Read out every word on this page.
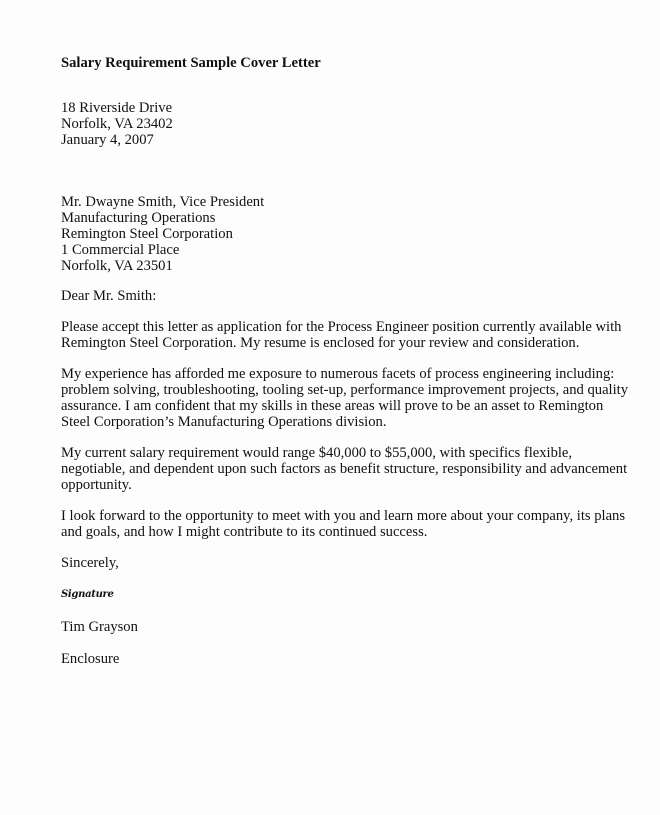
Salary Requirement Sample Cover Letter
18 Riverside Drive
Norfolk, VA 23402
January 4, 2007
Mr. Dwayne Smith, Vice President
Manufacturing Operations
Remington Steel Corporation
1 Commercial Place
Norfolk, VA 23501
Dear Mr. Smith:
Please accept this letter as application for the Process Engineer position currently available with
Remington Steel Corporation. My resume is enclosed for your review and consideration.
My experience has afforded me exposure to numerous facets of process engineering including:
problem solving, troubleshooting, tooling set-up, performance improvement projects, and quality
assurance. I am confident that my skills in these areas will prove to be an asset to Remington
Steel Corporation’s Manufacturing Operations division.
My current salary requirement would range $40,000 to $55,000, with specifics flexible,
negotiable, and dependent upon such factors as benefit structure, responsibility and advancement
opportunity.
I look forward to the opportunity to meet with you and learn more about your company, its plans
and goals, and how I might contribute to its continued success.
Sincerely,
Signature
Tim Grayson
Enclosure
